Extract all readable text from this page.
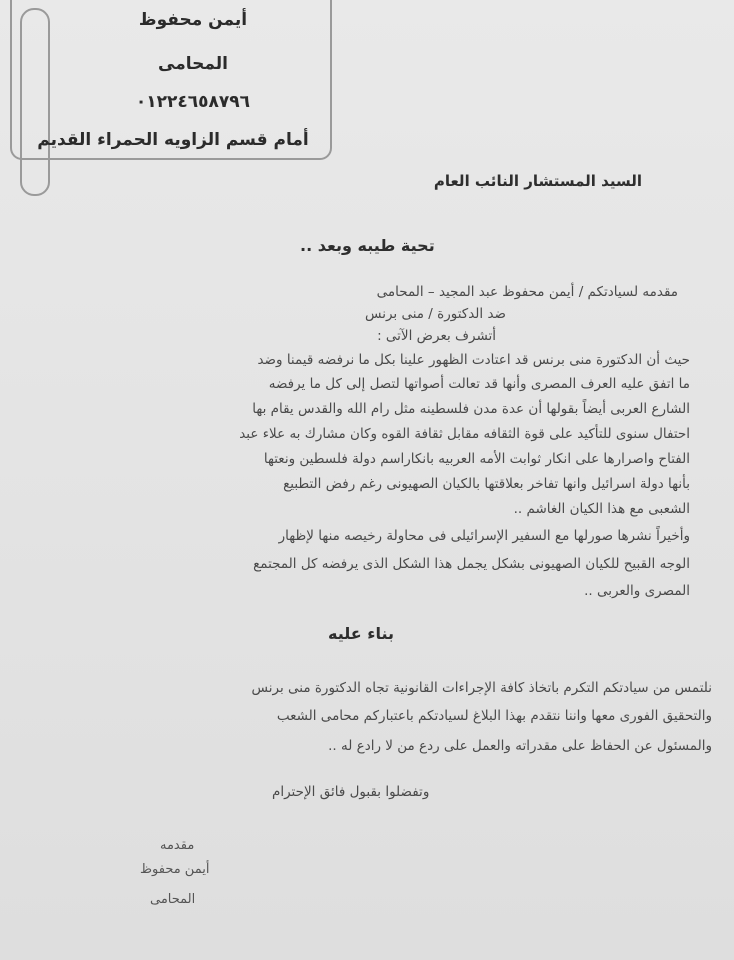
أيمن محفوظ
المحامى
٠١٢٢٤٦٥٨٧٩٦
أمام قسم الزاويه الحمراء القديم
السيد المستشار النائب العام
تحية طيبه وبعد ..
مقدمه لسيادتكم / أيمن محفوظ عبد المجيد – المحامى
ضد الدكتورة / منى برنس
أتشرف بعرض الآتى :
حيث أن الدكتورة منى برنس قد اعتادت الظهور علينا بكل ما نرفضه قيمنا وضد
ما اتفق عليه العرف المصرى وأنها قد تعالت أصواتها لتصل إلى كل ما يرفضه
الشارع العربى أيضاً بقولها أن عدة مدن فلسطينه مثل رام الله والقدس يقام بها
احتفال سنوى للتأكيد على قوة الثقافه مقابل ثقافة القوه وكان مشارك به علاء عبد
الفتاح واصرارها على انكار ثوابت الأمه العربيه بانكاراسم دولة فلسطين ونعتها
بأنها دولة اسرائيل وانها تفاخر بعلاقتها بالكيان الصهيونى رغم رفض التطبيع
الشعبى مع هذا الكيان الغاشم ..
وأخيراً نشرها صورلها مع السفير الإسرائيلى فى محاولة رخيصه منها لإظهار
الوجه القبيح للكيان الصهيونى بشكل يجمل هذا الشكل الذى يرفضه كل المجتمع
المصرى والعربى ..
بناء عليه
نلتمس من سيادتكم التكرم باتخاذ كافة الإجراءات القانونية تجاه الدكتورة منى برنس
والتحقيق الفورى معها واننا نتقدم بهذا البلاغ لسيادتكم باعتباركم محامى الشعب
والمسئول عن الحفاظ على مقدراته والعمل على ردع من لا رادع له ..
وتفضلوا بقبول فائق الإحترام
مقدمه
أيمن محفوظ
المحامى
